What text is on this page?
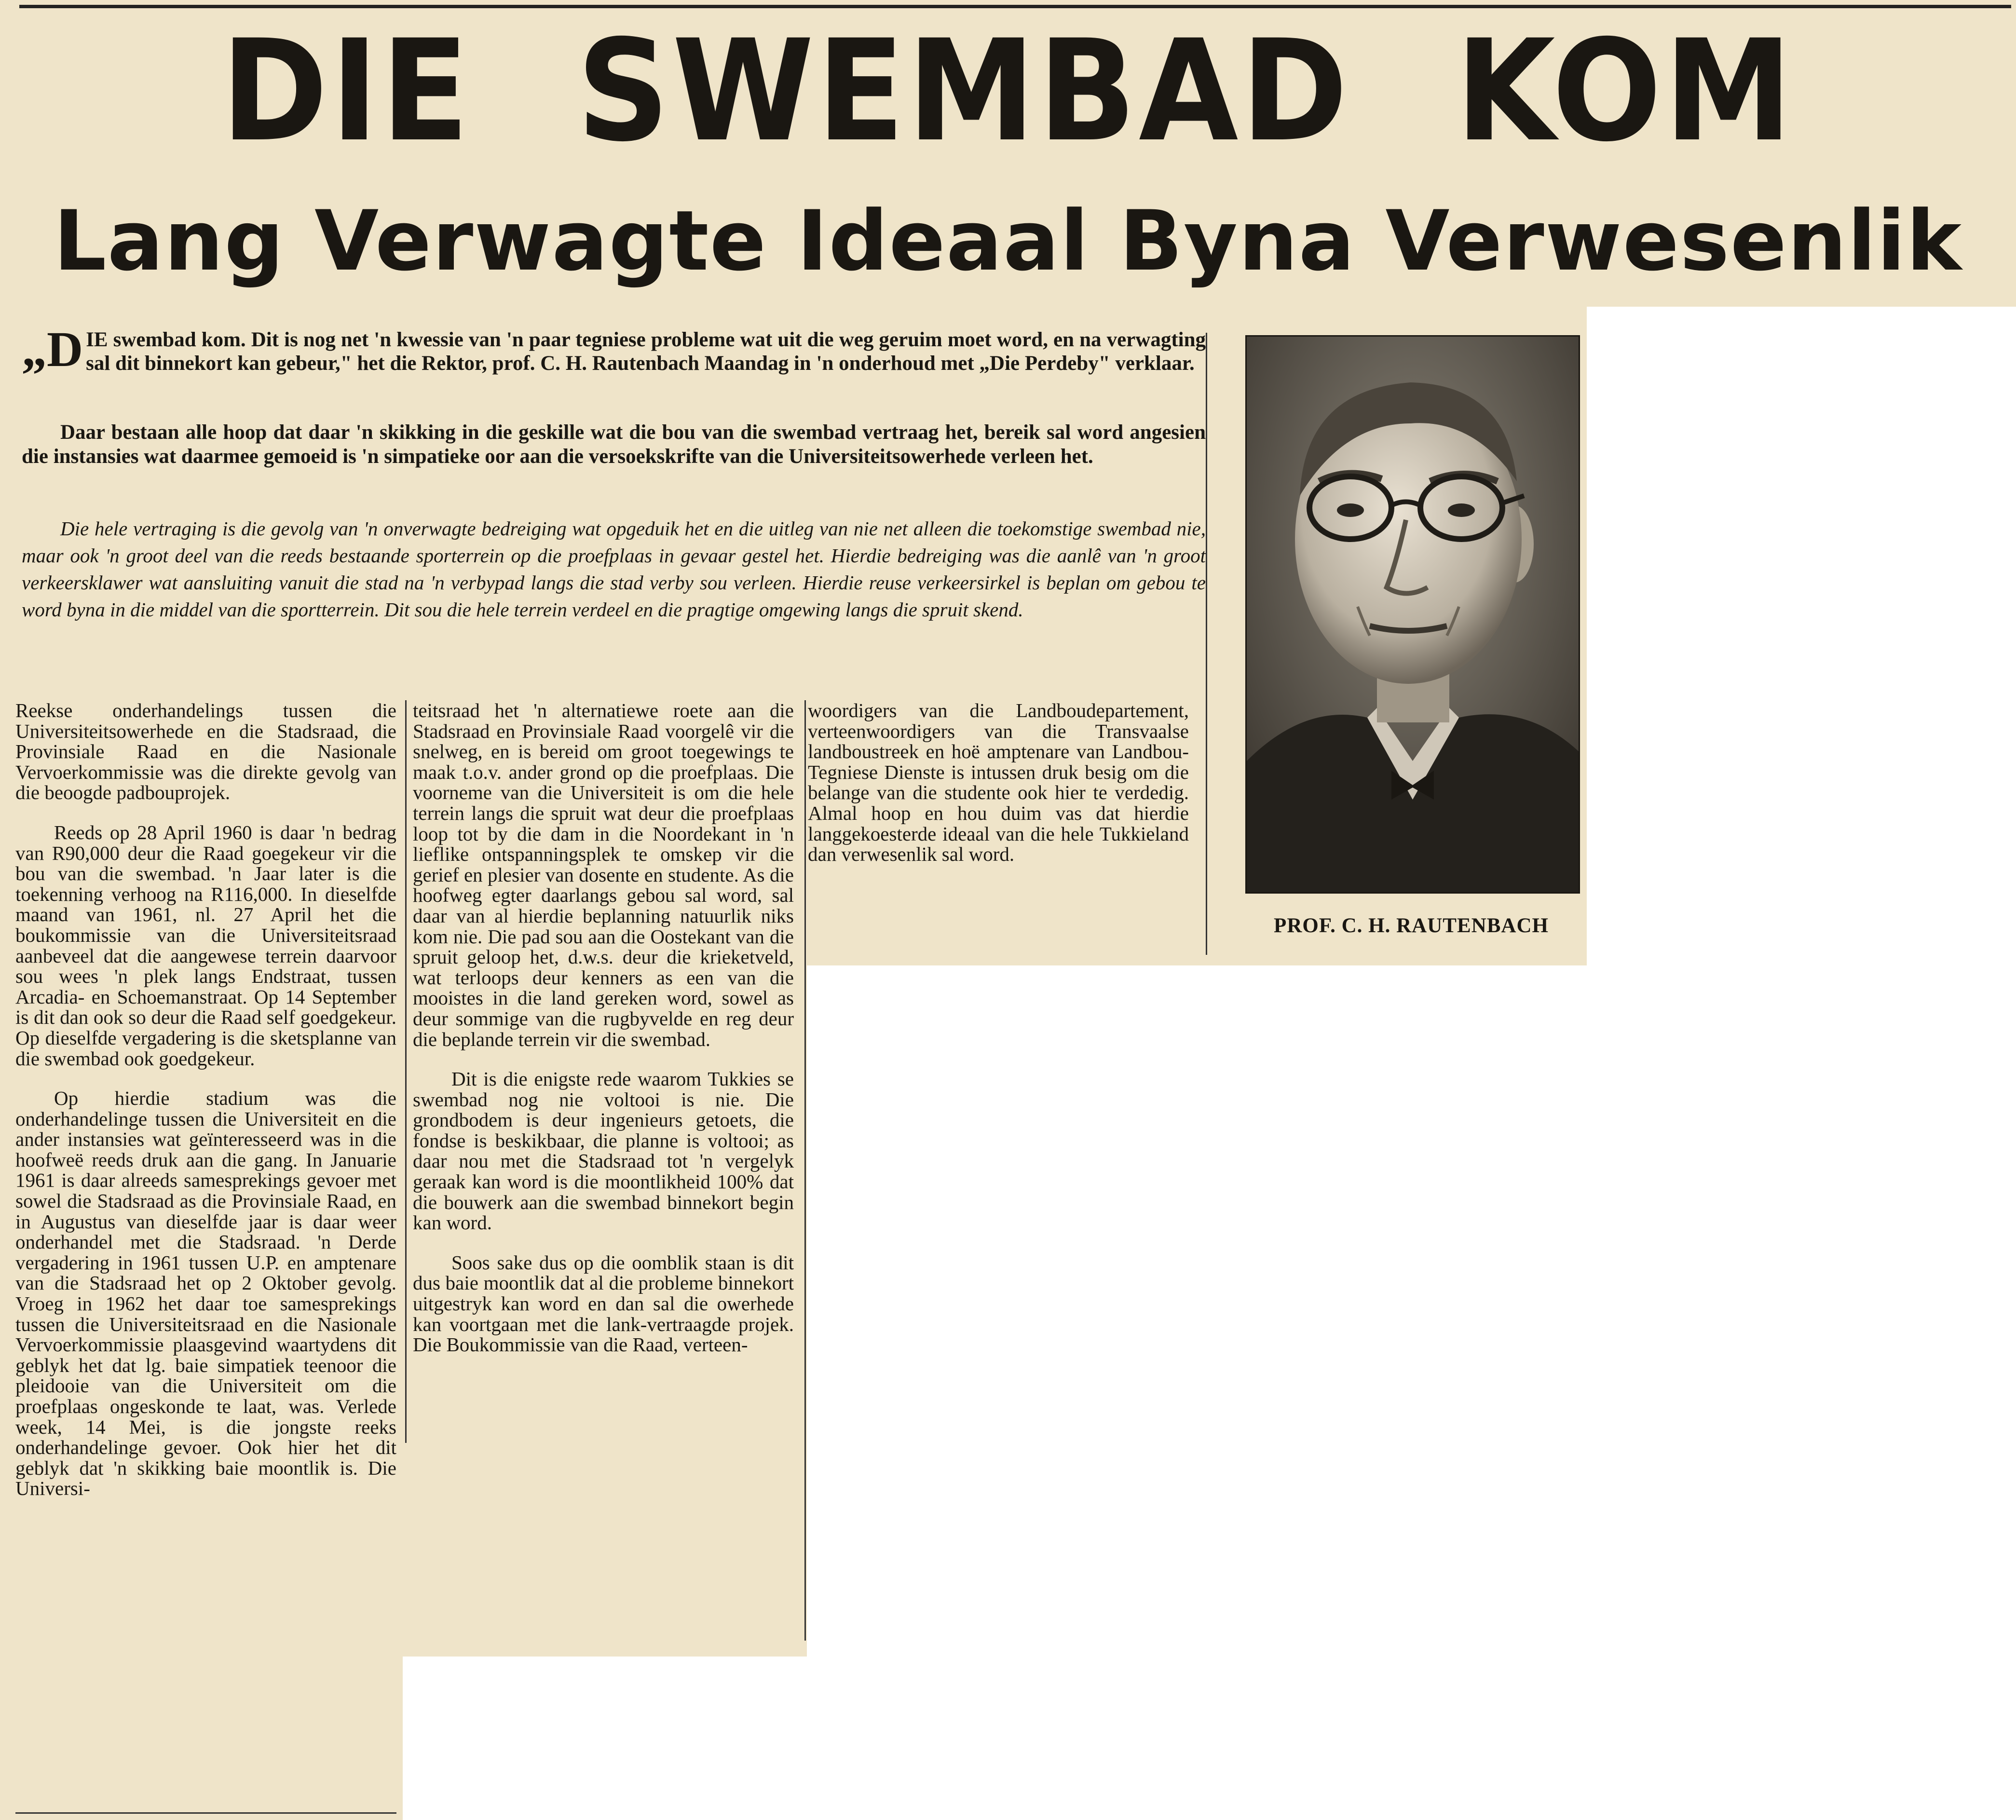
DIE SWEMBAD KOM
Lang Verwagte Ideaal Byna Verwesenlik

„DIE swembad kom. Dit is nog net 'n kwessie van 'n paar tegniese probleme wat uit die weg geruim moet word, en na verwagting sal dit binnekort kan gebeur," het die Rektor, prof. C. H. Rautenbach Maandag in 'n onderhoud met „Die Perdeby" verklaar.

Daar bestaan alle hoop dat daar 'n skikking in die geskille wat die bou van die swembad vertraag het, bereik sal word angesien die instansies wat daarmee gemoeid is 'n simpatieke oor aan die versoekskrifte van die Universiteitsowerhede verleen het.

Die hele vertraging is die gevolg van 'n onverwagte bedreiging wat opgeduik het en die uitleg van nie net alleen die toekomstige swembad nie, maar ook 'n groot deel van die reeds bestaande sporterrein op die proefplaas in gevaar gestel het. Hierdie bedreiging was die aanlê van 'n groot verkeersklawer wat aansluiting vanuit die stad na 'n verbypad langs die stad verby sou verleen. Hierdie reuse verkeersirkel is beplan om gebou te word byna in die middel van die sportterrein. Dit sou die hele terrein verdeel en die pragtige omgewing langs die spruit skend.

Reekse onderhandelings tussen die Universiteitsowerhede en die Stadsraad, die Provinsiale Raad en die Nasionale Vervoerkommissie was die direkte gevolg van die beoogde padbouprojek.

Reeds op 28 April 1960 is daar 'n bedrag van R90,000 deur die Raad goegekeur vir die bou van die swembad. 'n Jaar later is die toekenning verhoog na R116,000. In dieselfde maand van 1961, nl. 27 April het die boukommissie van die Universiteitsraad aanbeveel dat die aangewese terrein daarvoor sou wees 'n plek langs Endstraat, tussen Arcadia- en Schoemanstraat. Op 14 September is dit dan ook so deur die Raad self goedgekeur. Op dieselfde vergadering is die sketsplanne van die swembad ook goedgekeur.

Op hierdie stadium was die onderhandelinge tussen die Universiteit en die ander instansies wat geïnteresseerd was in die hoofweë reeds druk aan die gang. In Januarie 1961 is daar alreeds samesprekings gevoer met sowel die Stadsraad as die Provinsiale Raad, en in Augustus van dieselfde jaar is daar weer onderhandel met die Stadsraad. 'n Derde vergadering in 1961 tussen U.P. en amptenare van die Stadsraad het op 2 Oktober gevolg. Vroeg in 1962 het daar toe samesprekings tussen die Universiteitsraad en die Nasionale Vervoerkommissie plaasgevind waartydens dit geblyk het dat lg. baie simpatiek teenoor die pleidooie van die Universiteit om die proefplaas ongeskonde te laat, was. Verlede week, 14 Mei, is die jongste reeks onderhandelinge gevoer. Ook hier het dit geblyk dat 'n skikking baie moontlik is. Die Universi-

teitsraad het 'n alternatiewe roete aan die Stadsraad en Provinsiale Raad voorgelê vir die snelweg, en is bereid om groot toegewings te maak t.o.v. ander grond op die proefplaas. Die voorneme van die Universiteit is om die hele terrein langs die spruit wat deur die proefplaas loop tot by die dam in die Noordekant in 'n lieflike ontspanningsplek te omskep vir die gerief en plesier van dosente en studente. As die hoofweg egter daarlangs gebou sal word, sal daar van al hierdie beplanning natuurlik niks kom nie. Die pad sou aan die Oostekant van die spruit geloop het, d.w.s. deur die krieketveld, wat terloops deur kenners as een van die mooistes in die land gereken word, sowel as deur sommige van die rugbyvelde en reg deur die beplande terrein vir die swembad.

Dit is die enigste rede waarom Tukkies se swembad nog nie voltooi is nie. Die grondbodem is deur ingenieurs getoets, die fondse is beskikbaar, die planne is voltooi; as daar nou met die Stadsraad tot 'n vergelyk geraak kan word is die moontlikheid 100% dat die bouwerk aan die swembad binnekort begin kan word.

Soos sake dus op die oomblik staan is dit dus baie moontlik dat al die probleme binnekort uitgestryk kan word en dan sal die owerhede kan voortgaan met die lank-vertraagde projek. Die Boukommissie van die Raad, verteen-

woordigers van die Landboudepartement, verteenwoordigers van die Transvaalse landboustreek en hoë amptenare van Landbou-Tegniese Dienste is intussen druk besig om die belange van die studente ook hier te verdedig. Almal hoop en hou duim vas dat hierdie langgekoesterde ideaal van die hele Tukkieland dan verwesenlik sal word.

PROF. C. H. RAUTENBACH
